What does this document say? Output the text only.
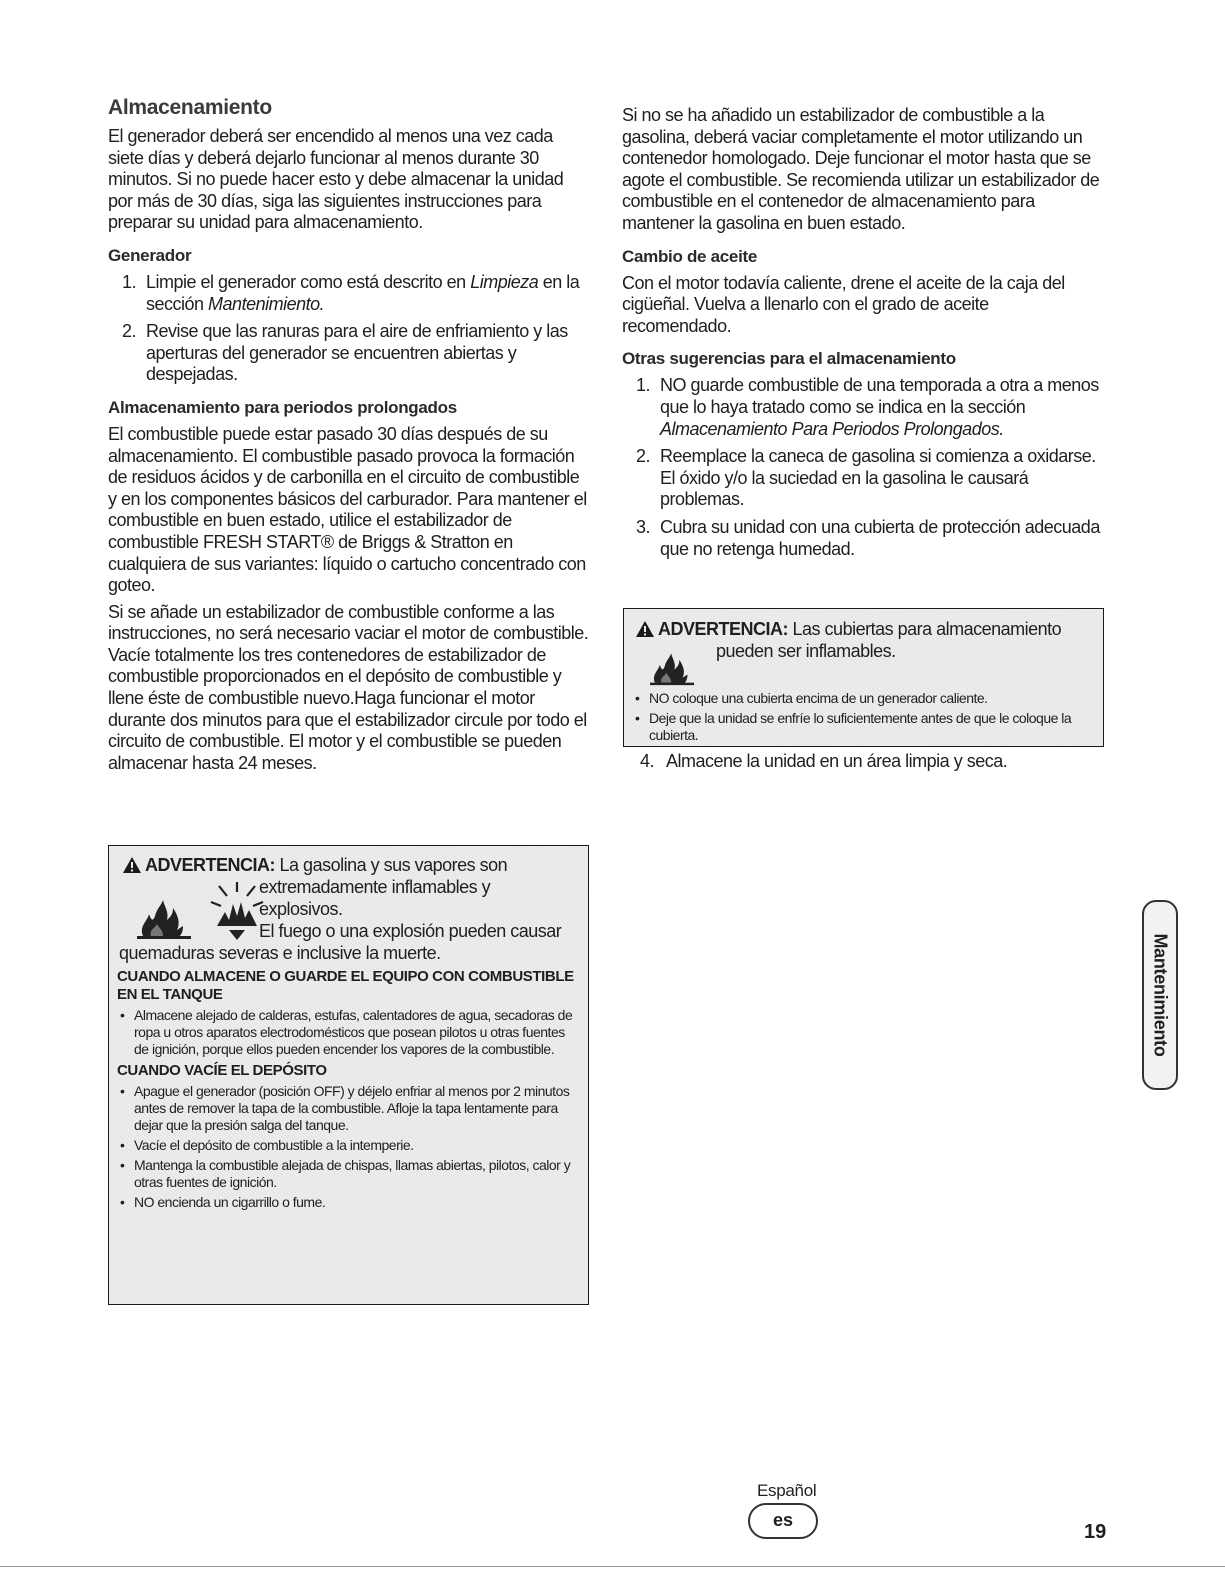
Almacenamiento

El generador deberá ser encendido al menos una vez cada siete días y deberá dejarlo funcionar al menos durante 30 minutos. Si no puede hacer esto y debe almacenar la unidad por más de 30 días, siga las siguientes instrucciones para preparar su unidad para almacenamiento.

Generador
1. Limpie el generador como está descrito en Limpieza en la sección Mantenimiento.
2. Revise que las ranuras para el aire de enfriamiento y las aperturas del generador se encuentren abiertas y despejadas.
Almacenamiento para periodos prolongados

El combustible puede estar pasado 30 días después de su almacenamiento. El combustible pasado provoca la formación de residuos ácidos y de carbonilla en el circuito de combustible y en los componentes básicos del carburador. Para mantener el combustible en buen estado, utilice el estabilizador de combustible FRESH START® de Briggs & Stratton en cualquiera de sus variantes: líquido o cartucho concentrado con goteo.

Si se añade un estabilizador de combustible conforme a las instrucciones, no será necesario vaciar el motor de combustible. Vacíe totalmente los tres contenedores de estabilizador de combustible proporcionados en el depósito de combustible y llene éste de combustible nuevo.Haga funcionar el motor durante dos minutos para que el estabilizador circule por todo el circuito de combustible. El motor y el combustible se pueden almacenar hasta 24 meses.

ADVERTENCIA: La gasolina y sus vapores son
extremadamente inflamables y
explosivos.
El fuego o una explosión pueden causar
quemaduras severas e inclusive la muerte.
CUANDO ALMACENE O GUARDE EL EQUIPO CON COMBUSTIBLE EN EL TANQUE
• Almacene alejado de calderas, estufas, calentadores de agua, secadoras de ropa u otros aparatos electrodomésticos que posean pilotos u otras fuentes de ignición, porque ellos pueden encender los vapores de la combustible.
CUANDO VACÍE EL DEPÓSITO
• Apague el generador (posición OFF) y déjelo enfriar al menos por 2 minutos antes de remover la tapa de la combustible. Afloje la tapa lentamente para dejar que la presión salga del tanque.
• Vacíe el depósito de combustible a la intemperie.
• Mantenga la combustible alejada de chispas, llamas abiertas, pilotos, calor y otras fuentes de ignición.
• NO encienda un cigarrillo o fume.

Si no se ha añadido un estabilizador de combustible a la gasolina, deberá vaciar completamente el motor utilizando un contenedor homologado. Deje funcionar el motor hasta que se agote el combustible. Se recomienda utilizar un estabilizador de combustible en el contenedor de almacenamiento para mantener la gasolina en buen estado.

Cambio de aceite

Con el motor todavía caliente, drene el aceite de la caja del cigüeñal. Vuelva a llenarlo con el grado de aceite recomendado.

Otras sugerencias para el almacenamiento
1. NO guarde combustible de una temporada a otra a menos que lo haya tratado como se indica en la sección Almacenamiento Para Periodos Prolongados.
2. Reemplace la caneca de gasolina si comienza a oxidarse. El óxido y/o la suciedad en la gasolina le causará problemas.
3. Cubra su unidad con una cubierta de protección adecuada que no retenga humedad.
ADVERTENCIA: Las cubiertas para almacenamiento
pueden ser inflamables.
• NO coloque una cubierta encima de un generador caliente.
• Deje que la unidad se enfríe lo suficientemente antes de que le coloque la cubierta.
4. Almacene la unidad en un área limpia y seca.
Mantenimiento
Español
es
19
